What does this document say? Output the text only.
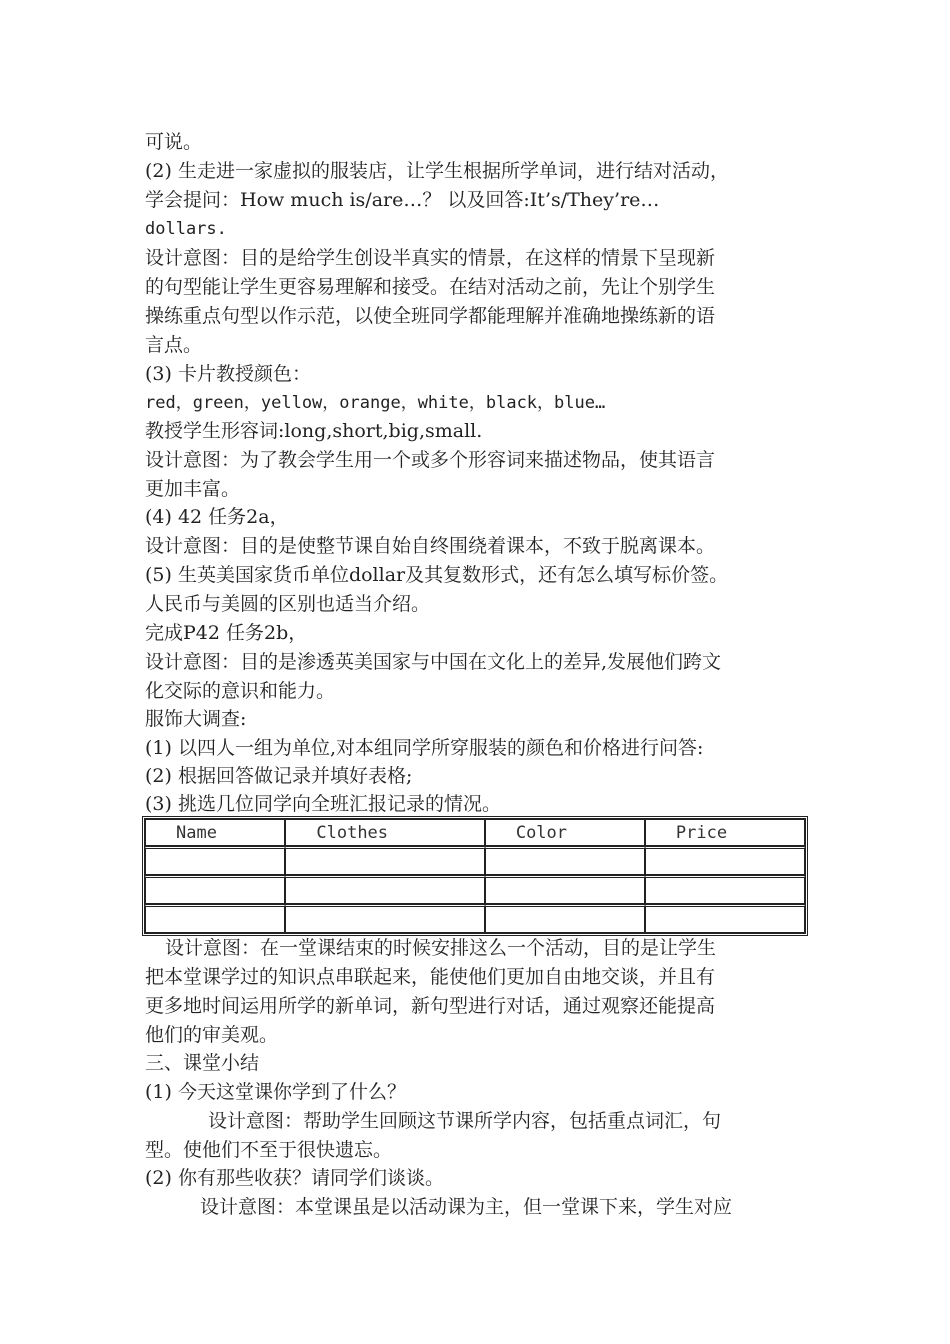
可说。
(2) 生走进一家虚拟的服装店，让学生根据所学单词，进行结对活动，
学会提问：How much is/are…？ 以及回答:It’s/They’re…
dollars.
设计意图：目的是给学生创设半真实的情景，在这样的情景下呈现新
的句型能让学生更容易理解和接受。在结对活动之前，先让个别学生
操练重点句型以作示范，以使全班同学都能理解并准确地操练新的语
言点。
(3) 卡片教授颜色：
red，green，yellow，orange，white，black，blue…
教授学生形容词:long,short,big,small.
设计意图：为了教会学生用一个或多个形容词来描述物品，使其语言
更加丰富。
(4) 42 任务2a，
设计意图：目的是使整节课自始自终围绕着课本，不致于脱离课本。
(5) 生英美国家货币单位dollar及其复数形式，还有怎么填写标价签。
人民币与美圆的区别也适当介绍。
完成P42 任务2b，
设计意图：目的是渗透英美国家与中国在文化上的差异,发展他们跨文
化交际的意识和能力。
服饰大调查:
(1) 以四人一组为单位,对本组同学所穿服装的颜色和价格进行问答:
(2) 根据回答做记录并填好表格;
(3) 挑选几位同学向全班汇报记录的情况。
Name	Clothes	Color	Price

设计意图：在一堂课结束的时候安排这么一个活动，目的是让学生
把本堂课学过的知识点串联起来，能使他们更加自由地交谈，并且有
更多地时间运用所学的新单词，新句型进行对话，通过观察还能提高
他们的审美观。
三、课堂小结
(1) 今天这堂课你学到了什么？
设计意图：帮助学生回顾这节课所学内容，包括重点词汇，句
型。使他们不至于很快遗忘。
(2) 你有那些收获？请同学们谈谈。
设计意图：本堂课虽是以活动课为主，但一堂课下来，学生对应
